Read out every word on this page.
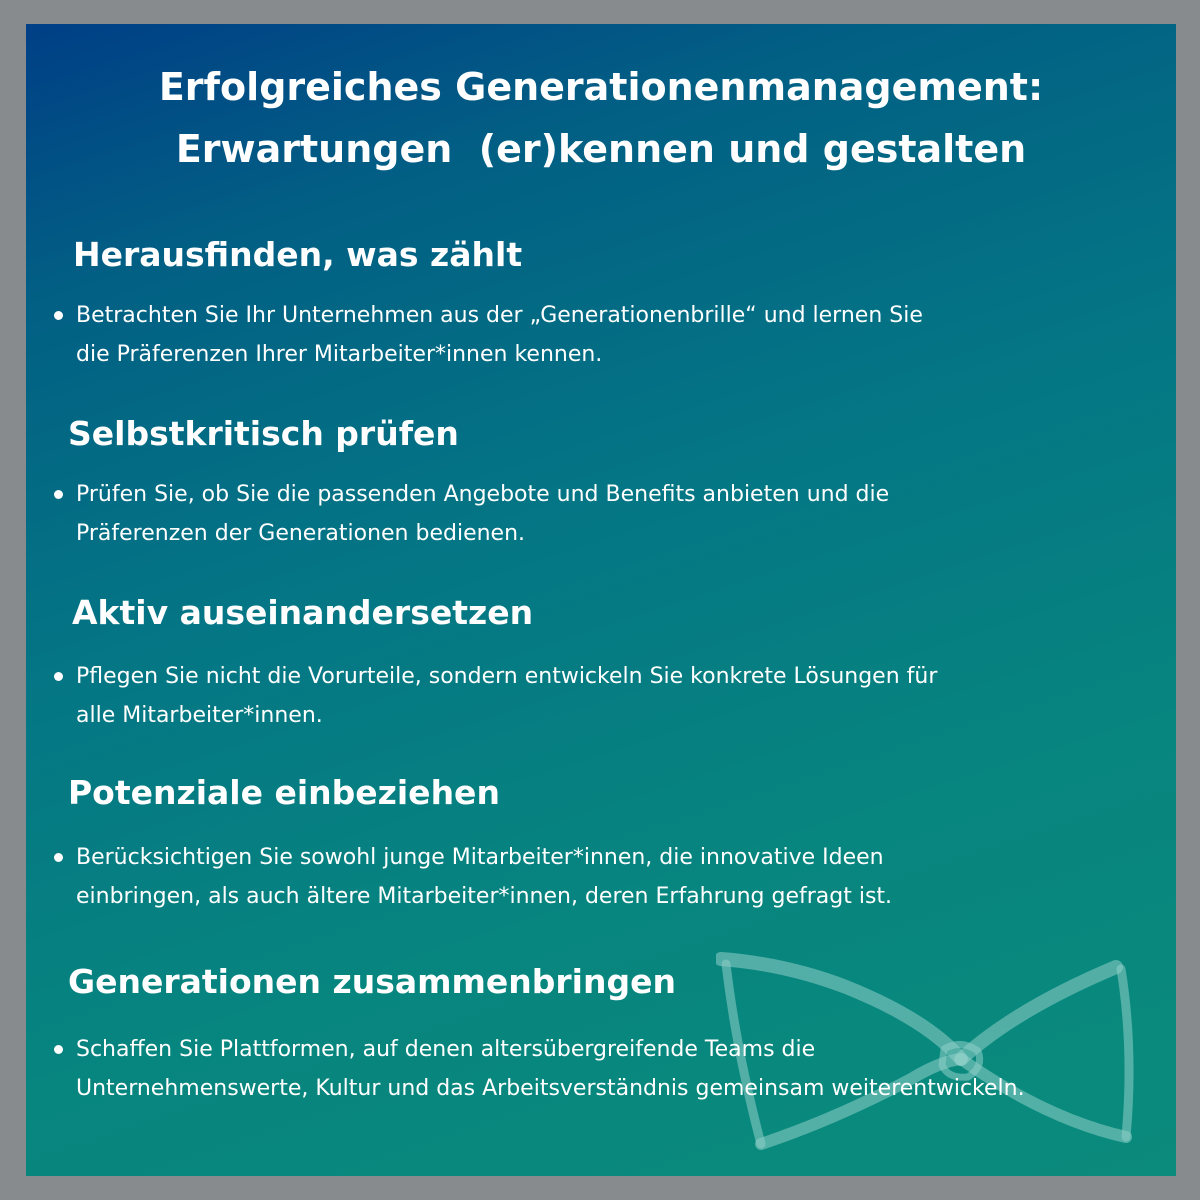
Erfolgreiches Generationenmanagement:
Erwartungen  (er)kennen und gestalten
Herausfinden, was zählt
Betrachten Sie Ihr Unternehmen aus der „Generationenbrille“ und lernen Sie
die Präferenzen Ihrer Mitarbeiter*innen kennen.
Selbstkritisch prüfen
Prüfen Sie, ob Sie die passenden Angebote und Benefits anbieten und die
Präferenzen der Generationen bedienen.
Aktiv auseinandersetzen
Pflegen Sie nicht die Vorurteile, sondern entwickeln Sie konkrete Lösungen für
alle Mitarbeiter*innen.
Potenziale einbeziehen
Berücksichtigen Sie sowohl junge Mitarbeiter*innen, die innovative Ideen
einbringen, als auch ältere Mitarbeiter*innen, deren Erfahrung gefragt ist.
Generationen zusammenbringen
Schaffen Sie Plattformen, auf denen altersübergreifende Teams die
Unternehmenswerte, Kultur und das Arbeitsverständnis gemeinsam weiterentwickeln.
